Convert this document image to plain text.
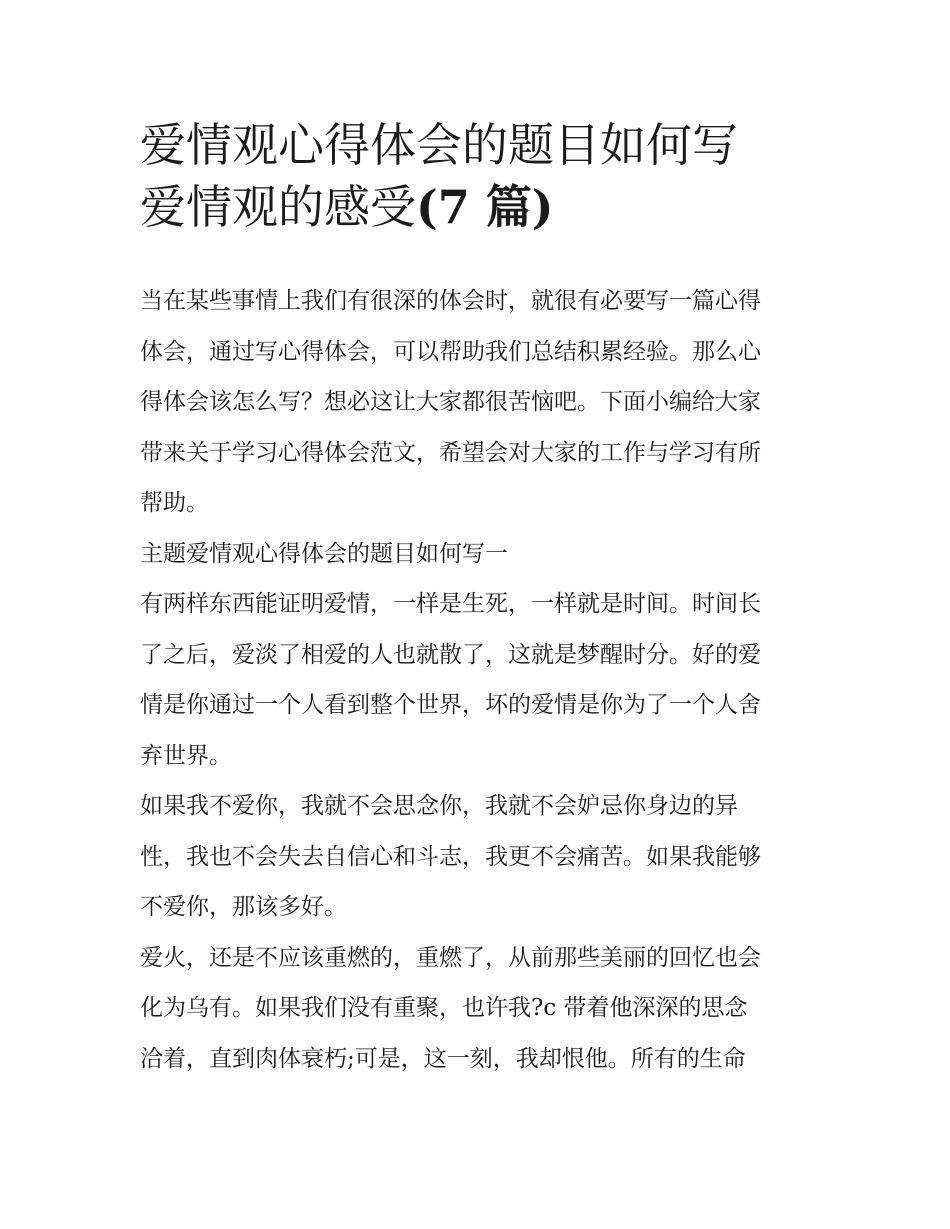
爱情观心得体会的题目如何写
爱情观的感受(7 篇)

当在某些事情上我们有很深的体会时，就很有必要写一篇心得
体会，通过写心得体会，可以帮助我们总结积累经验。那么心
得体会该怎么写？想必这让大家都很苦恼吧。下面小编给大家
带来关于学习心得体会范文，希望会对大家的工作与学习有所
帮助。

主题爱情观心得体会的题目如何写一

有两样东西能证明爱情，一样是生死，一样就是时间。时间长
了之后，爱淡了相爱的人也就散了，这就是梦醒时分。好的爱
情是你通过一个人看到整个世界，坏的爱情是你为了一个人舍
弃世界。

如果我不爱你，我就不会思念你，我就不会妒忌你身边的异
性，我也不会失去自信心和斗志，我更不会痛苦。如果我能够
不爱你，那该多好。

爱火，还是不应该重燃的，重燃了，从前那些美丽的回忆也会
化为乌有。如果我们没有重聚，也许我?c 带着他深深的思念
洽着，直到肉体衰朽;可是，这一刻，我却恨他。所有的生命
